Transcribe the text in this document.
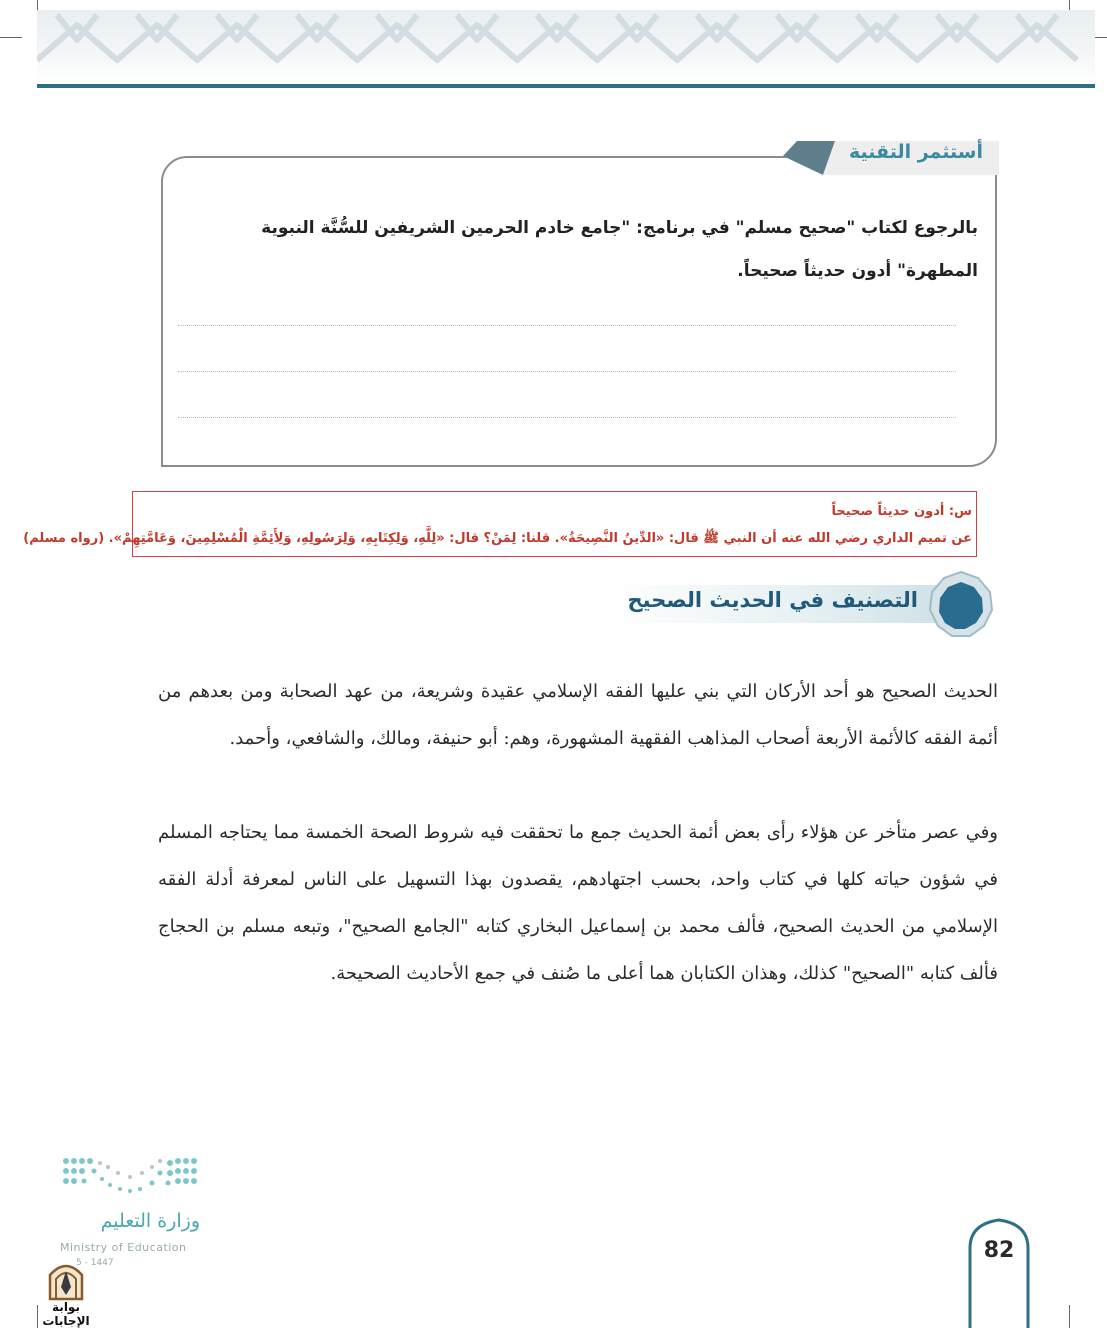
أستثمر التقنية
بالرجوع لكتاب "صحيح مسلم" في برنامج: "جامع خادم الحرمين الشريفين للسُّنَّة النبوية
المطهرة" أدون حديثاً صحيحاً.
س: أدون حديثاً صحيحاً
عن تميم الداري رضي الله عنه أن النبي ﷺ قال: «الدِّينُ النَّصِيحَةُ». قلنا: لِمَنْ؟ قال: «لِلَّهِ، وَلِكِتَابِهِ، وَلِرَسُولِهِ، وَلِأَئِمَّةِ الْمُسْلِمِينَ، وَعَامَّتِهِمْ». (رواه مسلم)
التصنيف في الحديث الصحيح
الحديث الصحيح هو أحد الأركان التي بني عليها الفقه الإسلامي عقيدة وشريعة، من عهد الصحابة ومن بعدهم من أئمة الفقه كالأئمة الأربعة أصحاب المذاهب الفقهية المشهورة، وهم: أبو حنيفة، ومالك، والشافعي، وأحمد.
وفي عصر متأخر عن هؤلاء رأى بعض أئمة الحديث جمع ما تحققت فيه شروط الصحة الخمسة مما يحتاجه المسلم في شؤون حياته كلها في كتاب واحد، بحسب اجتهادهم، يقصدون بهذا التسهيل على الناس لمعرفة أدلة الفقه الإسلامي من الحديث الصحيح، فألف محمد بن إسماعيل البخاري كتابه "الجامع الصحيح"، وتبعه مسلم بن الحجاج فألف كتابه "الصحيح" كذلك، وهذان الكتابان هما أعلى ما صُنف في جمع الأحاديث الصحيحة.
وزارة التعليم
Ministry of Education
5 - 1447
بوابة الإجابات
82
